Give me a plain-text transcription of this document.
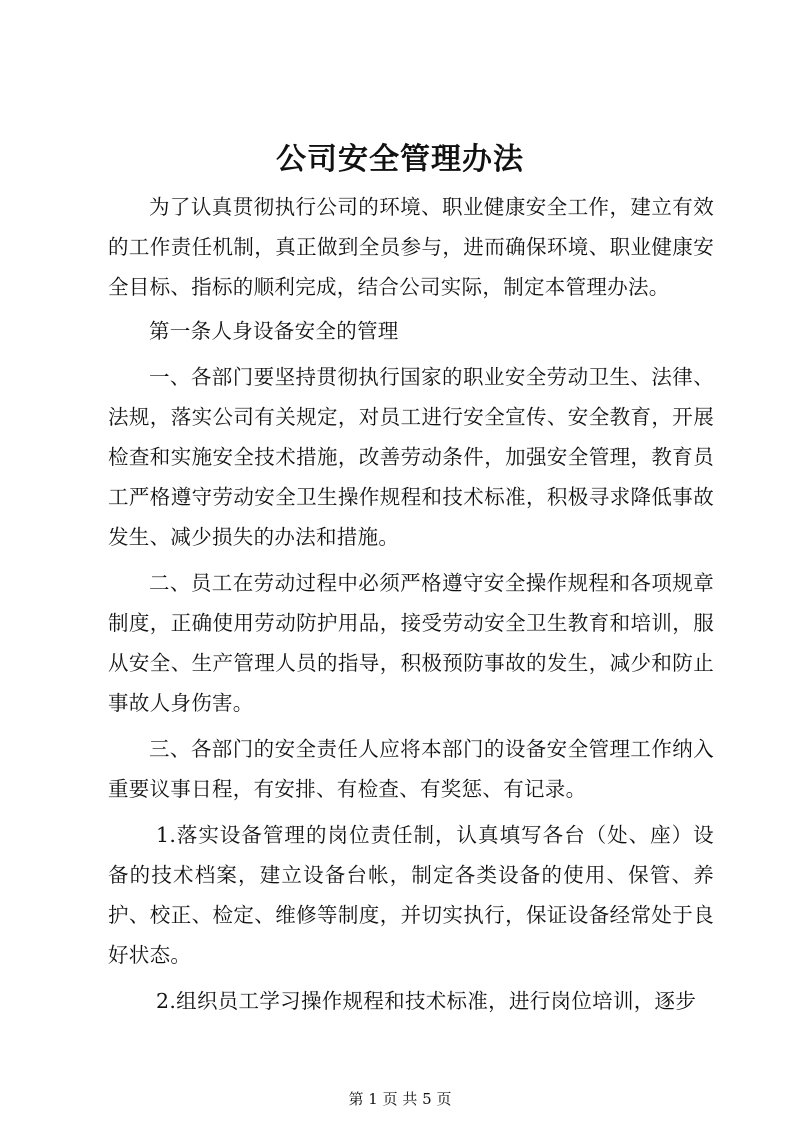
公司安全管理办法

为了认真贯彻执行公司的环境、职业健康安全工作，建立有效的工作责任机制，真正做到全员参与，进而确保环境、职业健康安全目标、指标的顺利完成，结合公司实际，制定本管理办法。

第一条人身设备安全的管理

一、各部门要坚持贯彻执行国家的职业安全劳动卫生、法律、法规，落实公司有关规定，对员工进行安全宣传、安全教育，开展检查和实施安全技术措施，改善劳动条件，加强安全管理，教育员工严格遵守劳动安全卫生操作规程和技术标准，积极寻求降低事故发生、减少损失的办法和措施。

二、员工在劳动过程中必须严格遵守安全操作规程和各项规章制度，正确使用劳动防护用品，接受劳动安全卫生教育和培训，服从安全、生产管理人员的指导，积极预防事故的发生，减少和防止事故人身伤害。

三、各部门的安全责任人应将本部门的设备安全管理工作纳入重要议事日程，有安排、有检查、有奖惩、有记录。

1.落实设备管理的岗位责任制，认真填写各台（处、座）设备的技术档案，建立设备台帐，制定各类设备的使用、保管、养护、校正、检定、维修等制度，并切实执行，保证设备经常处于良好状态。

2.组织员工学习操作规程和技术标准，进行岗位培训，逐步

第 1 页 共 5 页
